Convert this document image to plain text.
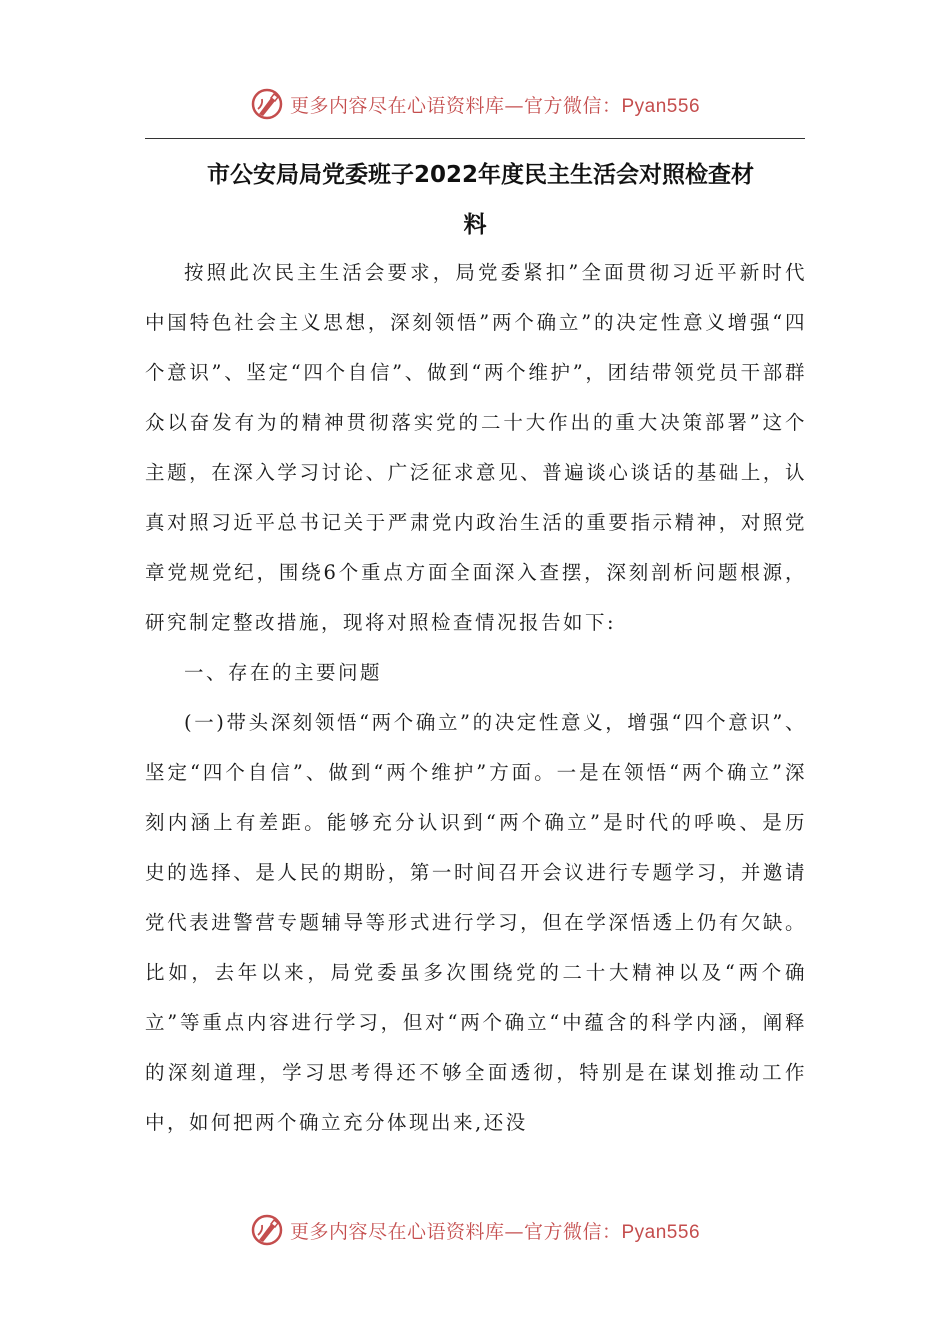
更多内容尽在心语资料库—官方微信：Pyan556
市公安局局党委班子2022年度民主生活会对照检查材
料

按照此次民主生活会要求，局党委紧扣”全面贯彻习近平新时代中国特色社会主义思想，深刻领悟”两个确立”的决定性意义增强“四个意识”、坚定“四个自信”、做到“两个维护”，团结带领党员干部群众以奋发有为的精神贯彻落实党的二十大作出的重大决策部署”这个主题，在深入学习讨论、广泛征求意见、普遍谈心谈话的基础上，认真对照习近平总书记关于严肃党内政治生活的重要指示精神，对照党章党规党纪，围绕6个重点方面全面深入查摆，深刻剖析问题根源，研究制定整改措施，现将对照检查情况报告如下:

一、存在的主要问题

(一)带头深刻领悟“两个确立”的决定性意义，增强“四个意识”、坚定“四个自信”、做到“两个维护”方面。一是在领悟“两个确立”深刻内涵上有差距。能够充分认识到“两个确立”是时代的呼唤、是历史的选择、是人民的期盼，第一时间召开会议进行专题学习，并邀请党代表进警营专题辅导等形式进行学习，但在学深悟透上仍有欠缺。比如，去年以来，局党委虽多次围绕党的二十大精神以及“两个确立”等重点内容进行学习，但对“两个确立“中蕴含的科学内涵，阐释的深刻道理，学习思考得还不够全面透彻，特别是在谋划推动工作中，如何把两个确立充分体现出来,还没

更多内容尽在心语资料库—官方微信：Pyan556
